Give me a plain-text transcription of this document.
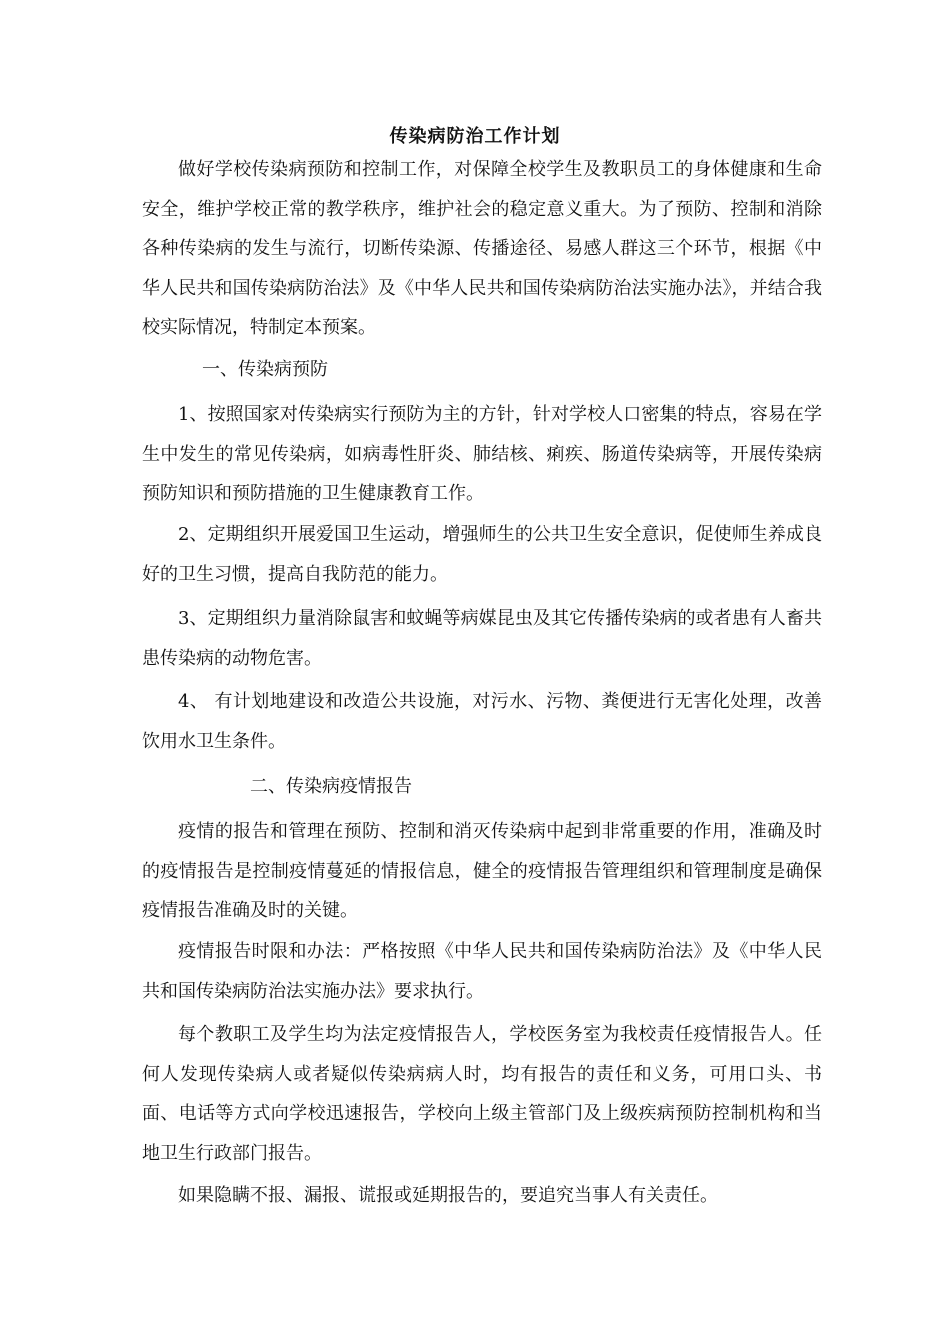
传染病防治工作计划

做好学校传染病预防和控制工作，对保障全校学生及教职员工的身体健康和生命安全，维护学校正常的教学秩序，维护社会的稳定意义重大。为了预防、控制和消除各种传染病的发生与流行，切断传染源、传播途径、易感人群这三个环节，根据《中华人民共和国传染病防治法》及《中华人民共和国传染病防治法实施办法》，并结合我校实际情况，特制定本预案。

一、传染病预防

1、按照国家对传染病实行预防为主的方针，针对学校人口密集的特点，容易在学生中发生的常见传染病，如病毒性肝炎、肺结核、痢疾、肠道传染病等，开展传染病预防知识和预防措施的卫生健康教育工作。

2、定期组织开展爱国卫生运动，增强师生的公共卫生安全意识，促使师生养成良好的卫生习惯，提高自我防范的能力。

3、定期组织力量消除鼠害和蚊蝇等病媒昆虫及其它传播传染病的或者患有人畜共患传染病的动物危害。

4、 有计划地建设和改造公共设施，对污水、污物、粪便进行无害化处理，改善饮用水卫生条件。

二、传染病疫情报告

疫情的报告和管理在预防、控制和消灭传染病中起到非常重要的作用，准确及时的疫情报告是控制疫情蔓延的情报信息，健全的疫情报告管理组织和管理制度是确保疫情报告准确及时的关键。

疫情报告时限和办法：严格按照《中华人民共和国传染病防治法》及《中华人民共和国传染病防治法实施办法》要求执行。

每个教职工及学生均为法定疫情报告人，学校医务室为我校责任疫情报告人。任何人发现传染病人或者疑似传染病病人时，均有报告的责任和义务，可用口头、书面、电话等方式向学校迅速报告，学校向上级主管部门及上级疾病预防控制机构和当地卫生行政部门报告。

如果隐瞒不报、漏报、谎报或延期报告的，要追究当事人有关责任。
